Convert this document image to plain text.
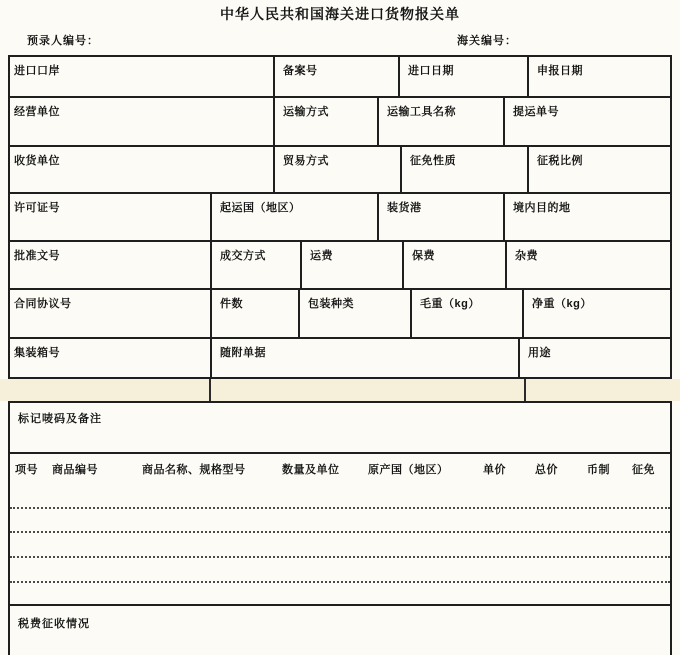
中华人民共和国海关进口货物报关单
预录人编号：	海关编号：
进口口岸	备案号	进口日期	申报日期
经营单位	运输方式	运输工具名称	提运单号
收货单位	贸易方式	征免性质	征税比例
许可证号	起运国（地区）	装货港	境内目的地
批准文号	成交方式	运费	保费	杂费
合同协议号	件数	包装种类	毛重（kg）	净重（kg）
集装箱号	随附单据	用途
标记唛码及备注
项号 商品编号	商品名称、规格型号	数量及单位	原产国（地区）	单价	总价	币制 征免
税费征收情况
